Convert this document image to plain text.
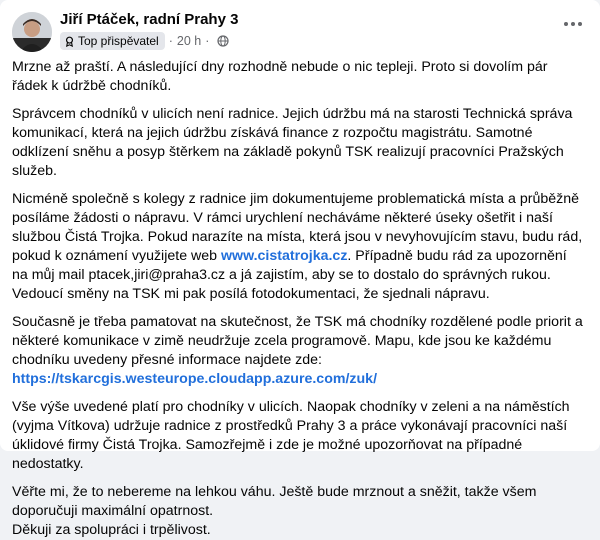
Jiří Ptáček, radní Prahy 3
Top přispěvatel · 20 h ·

Mrzne až praští. A následující dny rozhodně nebude o nic tepleji. Proto si dovolím pár řádek k údržbě chodníků.

Správcem chodníků v ulicích není radnice. Jejich údržbu má na starosti Technická správa komunikací, která na jejich údržbu získává finance z rozpočtu magistrátu. Samotné odklízení sněhu a posyp štěrkem na základě pokynů TSK realizují pracovníci Pražských služeb.

Nicméně společně s kolegy z radnice jim dokumentujeme problematická místa a průběžně posíláme žádosti o nápravu. V rámci urychlení necháváme některé úseky ošetřit i naší službou Čistá Trojka. Pokud narazíte na místa, která jsou v nevyhovujícím stavu, budu rád, pokud k oznámení využijete web www.cistatrojka.cz. Případně budu rád za upozornění na můj mail ptacek,jiri@praha3.cz a já zajistím, aby se to dostalo do správných rukou. Vedoucí směny na TSK mi pak posílá fotodokumentaci, že sjednali nápravu.

Současně je třeba pamatovat na skutečnost, že TSK má chodníky rozdělené podle priorit a některé komunikace v zimě neudržuje zcela programově. Mapu, kde jsou ke každému chodníku uvedeny přesné informace najdete zde: https://tskarcgis.westeurope.cloudapp.azure.com/zuk/

Vše výše uvedené platí pro chodníky v ulicích. Naopak chodníky v zeleni a na náměstích (vyjma Vítkova) udržuje radnice z prostředků Prahy 3 a práce vykonávají pracovníci naší úklidové firmy Čistá Trojka. Samozřejmě i zde je možné upozorňovat na případné nedostatky.

Věřte mi, že to nebereme na lehkou váhu. Ještě bude mrznout a sněžit, takže všem doporučuji maximální opatrnost.

Děkuji za spolupráci i trpělivost.
